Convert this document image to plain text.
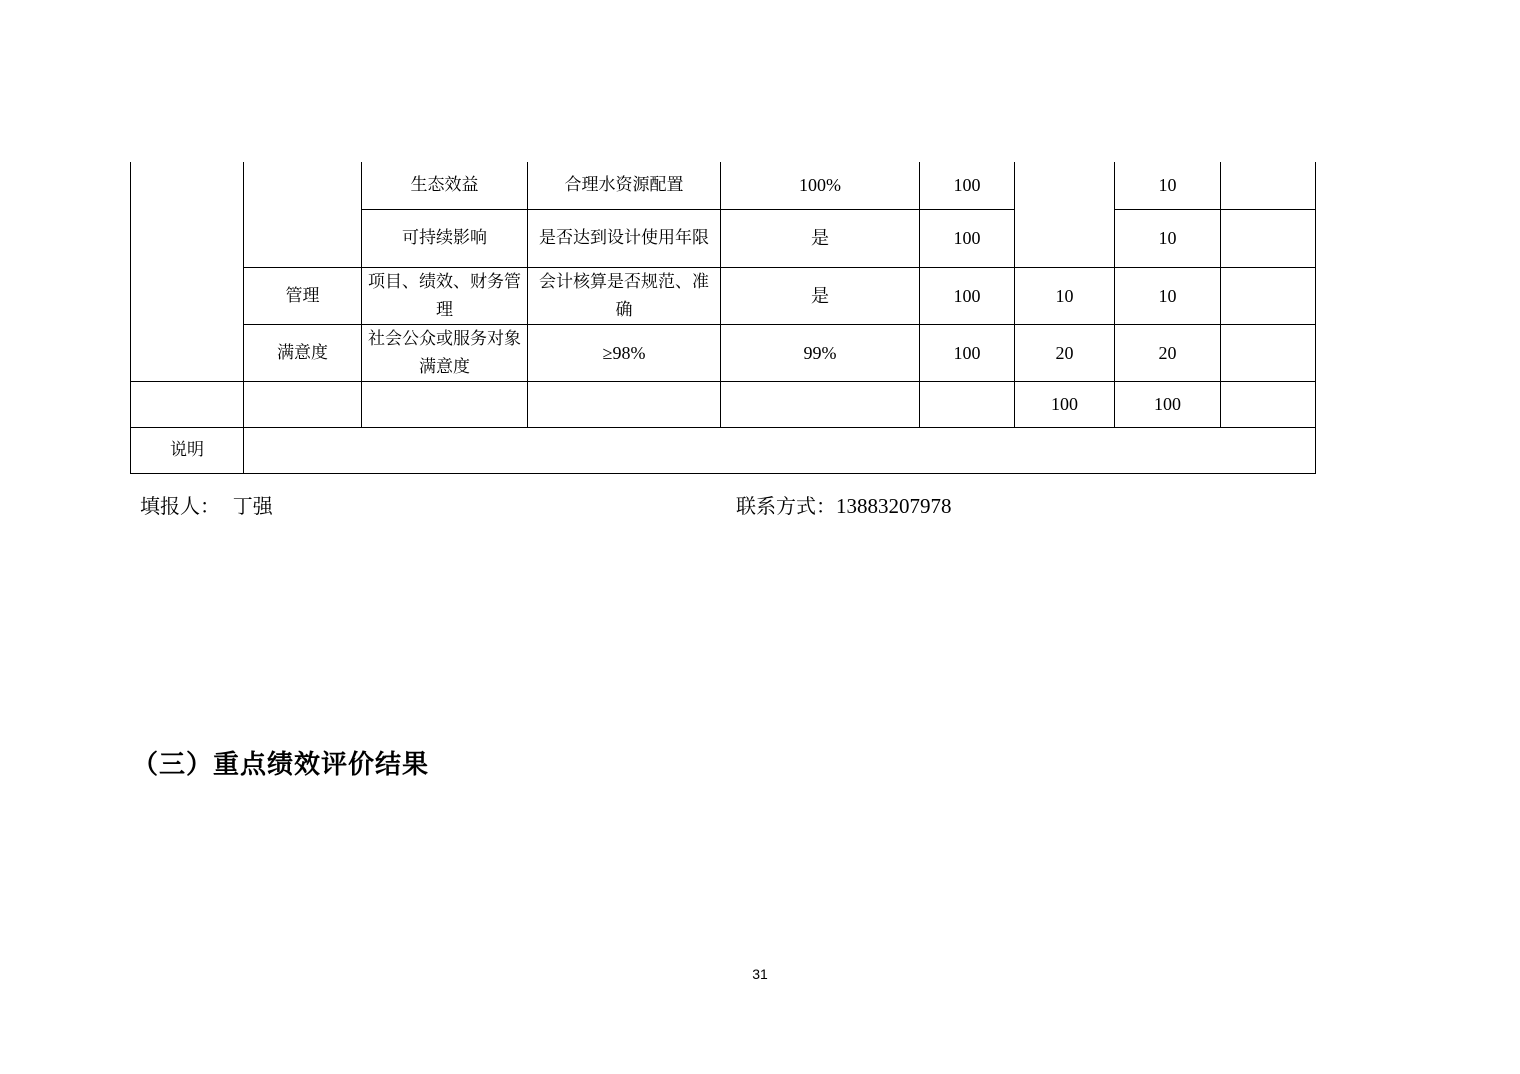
		生态效益	合理水资源配置	100%	100		10	
		可持续影响	是否达到设计使用年限	是	100		10	
	管理	项目、绩效、财务管理	会计核算是否规范、准确	是	100	10	10	
	满意度	社会公众或服务对象满意度	≥98%	99%	100	20	20	
						100	100	
说明								
填报人： 丁强	联系方式：13883207978
（三）重点绩效评价结果
31
